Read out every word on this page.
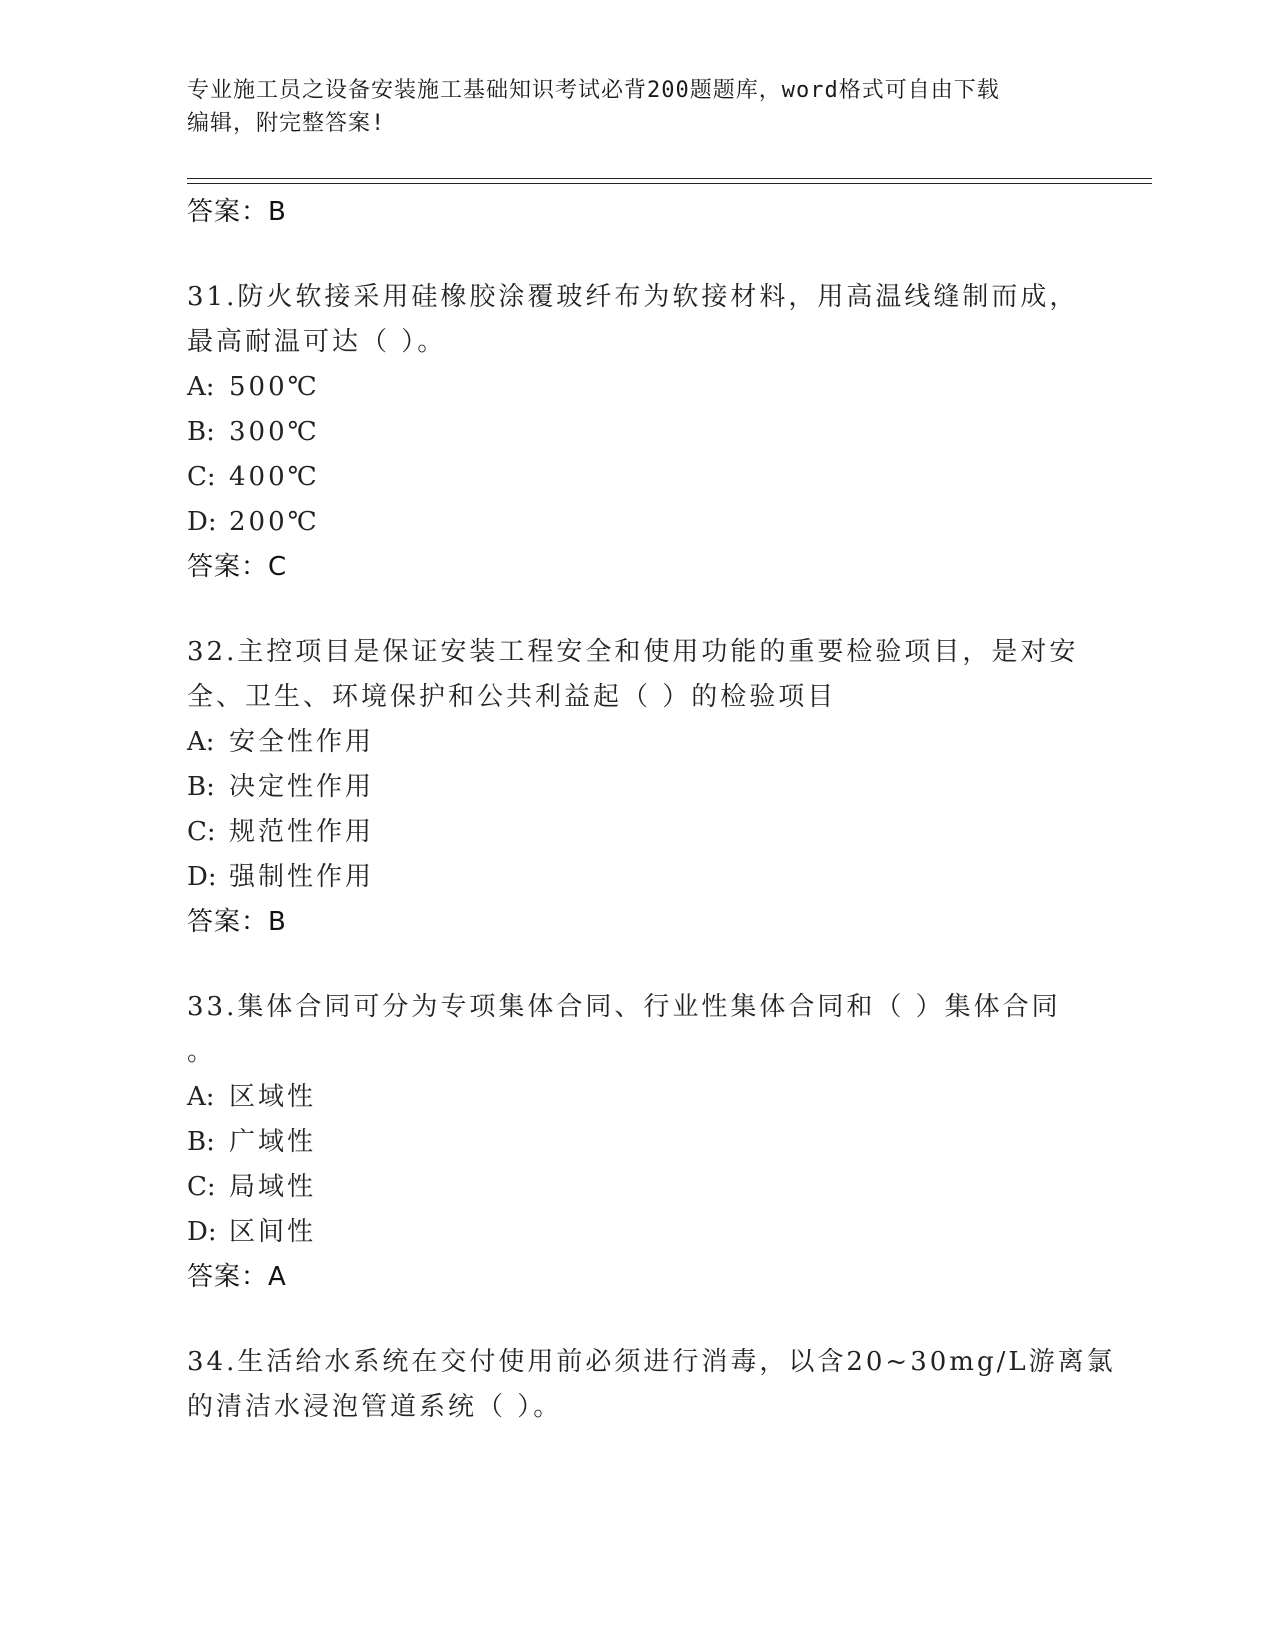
专业施工员之设备安装施工基础知识考试必背200题题库，word格式可自由下载
编辑，附完整答案!
答案：B
31.防火软接采用硅橡胶涂覆玻纤布为软接材料，用高温线缝制而成，
最高耐温可达（ ）。
A: 500℃
B: 300℃
C: 400℃
D: 200℃
答案：C
32.主控项目是保证安装工程安全和使用功能的重要检验项目，是对安
全、卫生、环境保护和公共利益起（ ）的检验项目
A: 安全性作用
B: 决定性作用
C: 规范性作用
D: 强制性作用
答案：B
33.集体合同可分为专项集体合同、行业性集体合同和（ ）集体合同
。
A: 区域性
B: 广域性
C: 局域性
D: 区间性
答案：A
34.生活给水系统在交付使用前必须进行消毒，以含20~30mg/L游离氯
的清洁水浸泡管道系统（ ）。
